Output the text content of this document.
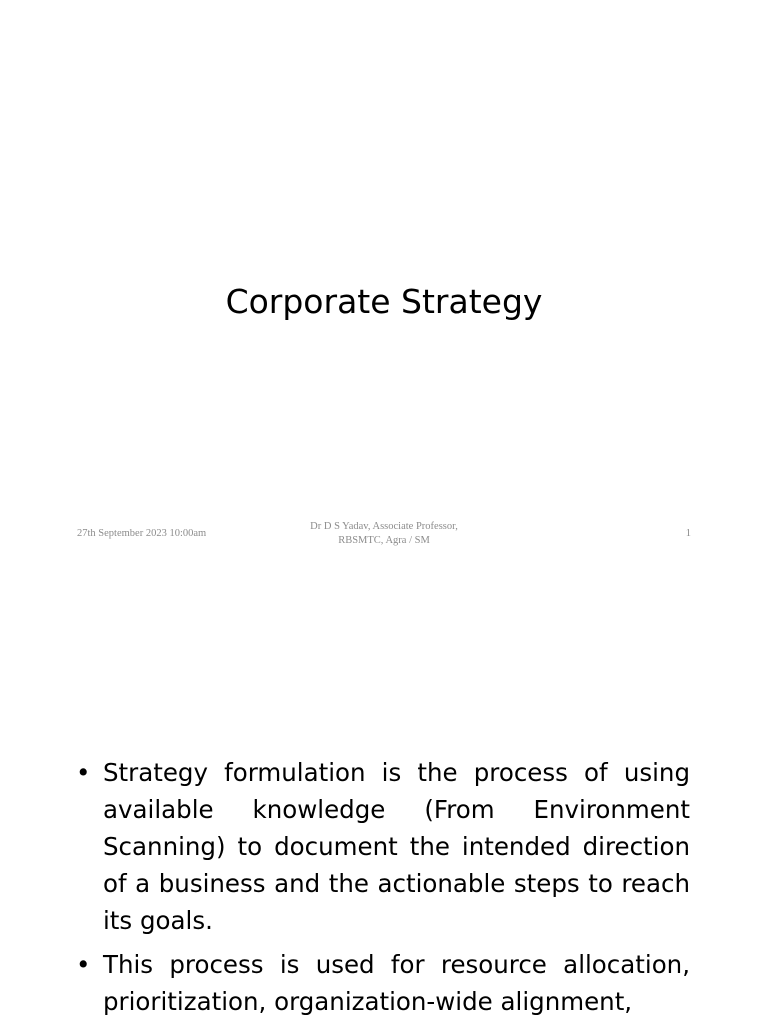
Corporate Strategy
27th September 2023 10:00am
Dr D S Yadav, Associate Professor,
RBSMTC, Agra / SM
1
• Strategy formulation is the process of using available knowledge (From Environment Scanning) to document the intended direction of a business and the actionable steps to reach its goals.
• This process is used for resource allocation, prioritization, organization-wide alignment,
